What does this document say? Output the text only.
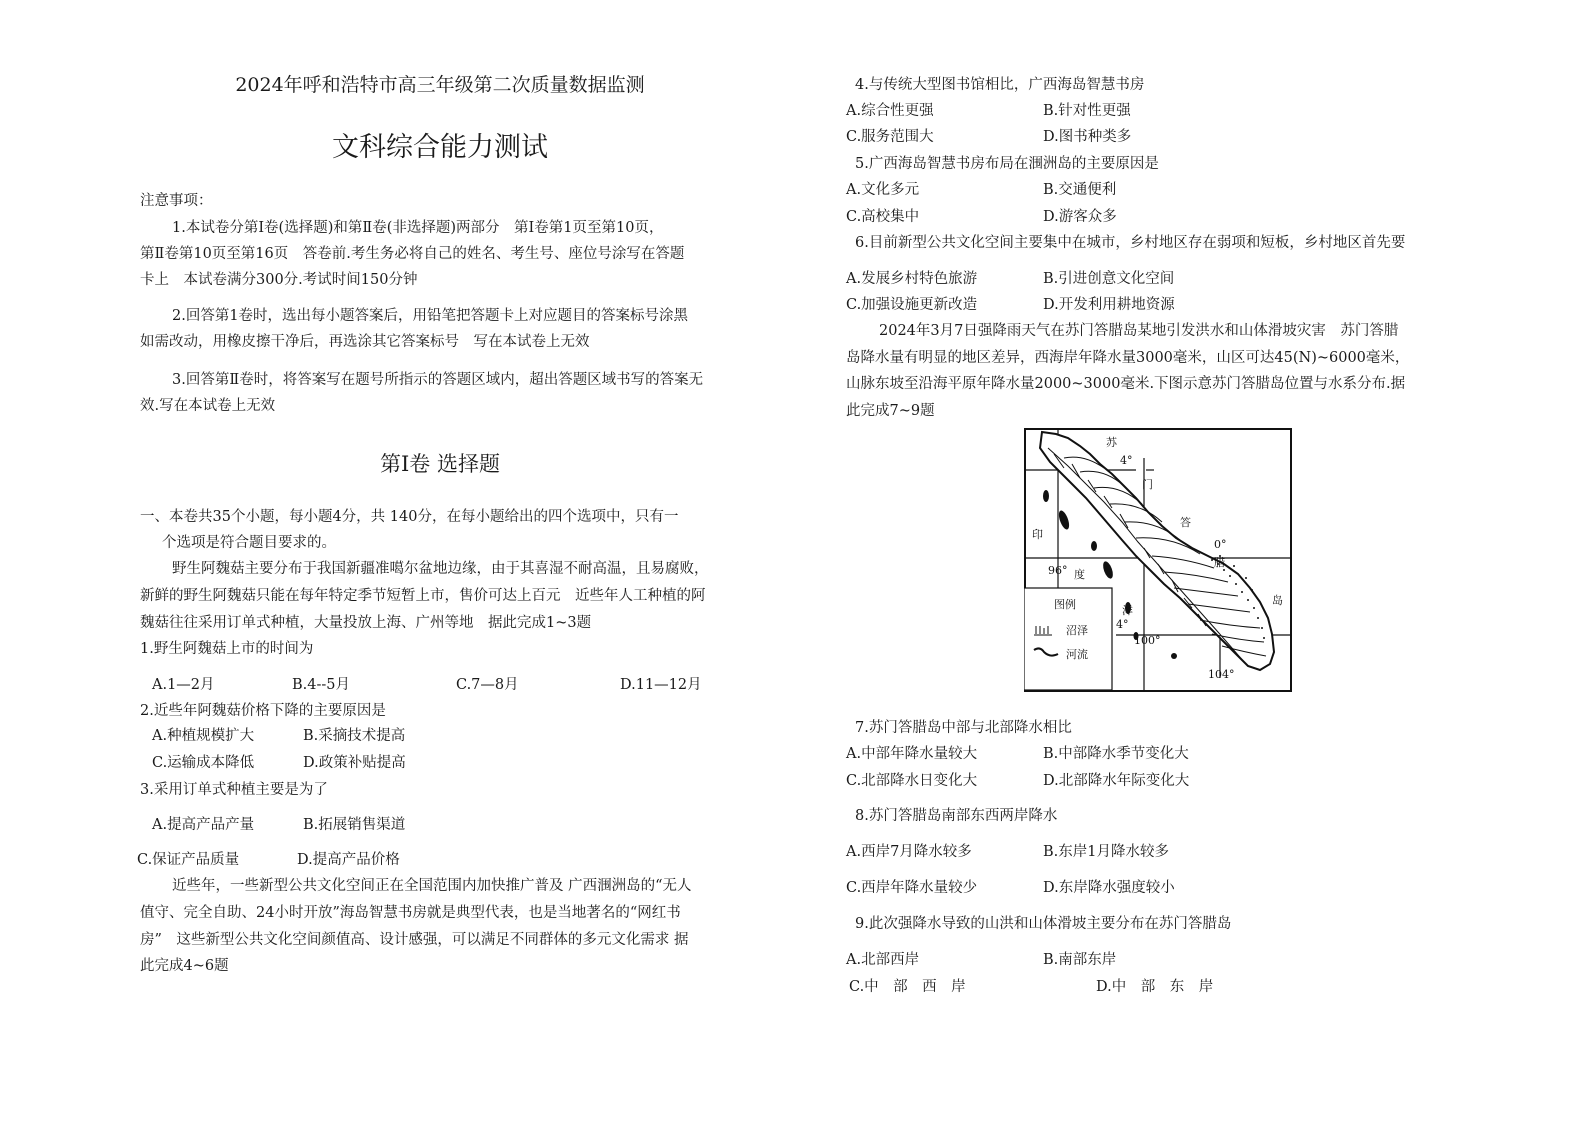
2024年呼和浩特市高三年级第二次质量数据监测
文科综合能力测试
注意事项：
1.本试卷分第Ⅰ卷(选择题)和第Ⅱ卷(非选择题)两部分　第Ⅰ卷第1页至第10页，
第Ⅱ卷第10页至第16页　答卷前.考生务必将自己的姓名、考生号、座位号涂写在答题
卡上　本试卷满分300分.考试时间150分钟
2.回答第1卷时，选出每小题答案后，用铅笔把答题卡上对应题目的答案标号涂黑
如需改动，用橡皮擦干净后，再选涂其它答案标号　写在本试卷上无效
3.回答第Ⅱ卷时，将答案写在题号所指示的答题区域内，超出答题区域书写的答案无
效.写在本试卷上无效
第Ⅰ卷 选择题
一、本卷共35个小题，每小题4分，共 140分，在每小题给出的四个选项中，只有一
个选项是符合题目要求的。
野生阿魏菇主要分布于我国新疆准噶尔盆地边缘，由于其喜湿不耐高温，且易腐败，
新鲜的野生阿魏菇只能在每年特定季节短暂上市，售价可达上百元　近些年人工种植的阿
魏菇往往采用订单式种植，大量投放上海、广州等地　据此完成1~3题
1.野生阿魏菇上市的时间为
A.1—2月	B.4--5月	C.7—8月	D.11—12月
2.近些年阿魏菇价格下降的主要原因是
A.种植规模扩大	B.采摘技术提高
C.运输成本降低	D.政策补贴提高
3.采用订单式种植主要是为了
A.提高产品产量	B.拓展销售渠道
C.保证产品质量	D.提高产品价格
近些年，一些新型公共文化空间正在全国范围内加快推广普及 广西涠洲岛的“无人
值守、完全自助、24小时开放”海岛智慧书房就是典型代表，也是当地著名的“网红书
房”　这些新型公共文化空间颜值高、设计感强，可以满足不同群体的多元文化需求 据
此完成4~6题
4.与传统大型图书馆相比，广西海岛智慧书房
A.综合性更强	B.针对性更强
C.服务范围大	D.图书种类多
5.广西海岛智慧书房布局在涠洲岛的主要原因是
A.文化多元	B.交通便利
C.高校集中	D.游客众多
6.目前新型公共文化空间主要集中在城市，乡村地区存在弱项和短板，乡村地区首先要
A.发展乡村特色旅游	B.引进创意文化空间
C.加强设施更新改造	D.开发利用耕地资源
2024年3月7日强降雨天气在苏门答腊岛某地引发洪水和山体滑坡灾害　苏门答腊
岛降水量有明显的地区差异，西海岸年降水量3000毫米，山区可达45(N)~6000毫米，
山脉东坡至沿海平原年降水量2000~3000毫米.下图示意苏门答腊岛位置与水系分布.据
此完成7~9题
苏
4°
门
答
0°
腊
岛
印
度
96°
洋
4°
100°
104°
图例
沼泽
河流
7.苏门答腊岛中部与北部降水相比
A.中部年降水量较大	B.中部降水季节变化大
C.北部降水日变化大	D.北部降水年际变化大
8.苏门答腊岛南部东西两岸降水
A.西岸7月降水较多	B.东岸1月降水较多
C.西岸年降水量较少	D.东岸降水强度较小
9.此次强降水导致的山洪和山体滑坡主要分布在苏门答腊岛
A.北部西岸	B.南部东岸
C.中　部　西　岸	D.中　部　东　岸
